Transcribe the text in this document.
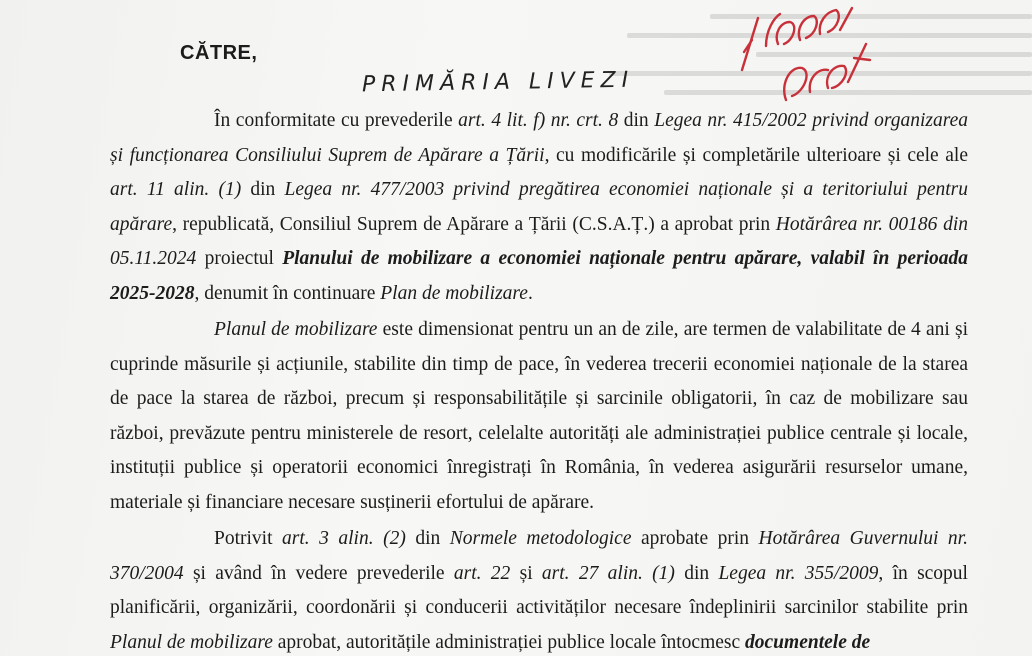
CĂTRE,
PRIMĂRIA LIVEZI

În conformitate cu prevederile art. 4 lit. f) nr. crt. 8 din Legea nr. 415/2002 privind organizarea și funcționarea Consiliului Suprem de Apărare a Țării, cu modificările și completările ulterioare și cele ale art. 11 alin. (1) din Legea nr. 477/2003 privind pregătirea economiei naționale și a teritoriului pentru apărare, republicată, Consiliul Suprem de Apărare a Țării (C.S.A.Ț.) a aprobat prin Hotărârea nr. 00186 din 05.11.2024 proiectul Planului de mobilizare a economiei naționale pentru apărare, valabil în perioada 2025-2028, denumit în continuare Plan de mobilizare.

Planul de mobilizare este dimensionat pentru un an de zile, are termen de valabilitate de 4 ani și cuprinde măsurile și acțiunile, stabilite din timp de pace, în vederea trecerii economiei naționale de la starea de pace la starea de război, precum și responsabilitățile și sarcinile obligatorii, în caz de mobilizare sau război, prevăzute pentru ministerele de resort, celelalte autorități ale administrației publice centrale și locale, instituții publice și operatorii economici înregistrați în România, în vederea asigurării resurselor umane, materiale și financiare necesare susținerii efortului de apărare.

Potrivit art. 3 alin. (2) din Normele metodologice aprobate prin Hotărârea Guvernului nr. 370/2004 și având în vedere prevederile art. 22 și art. 27 alin. (1) din Legea nr. 355/2009, în scopul planificării, organizării, coordonării și conducerii activităților necesare îndeplinirii sarcinilor stabilite prin Planul de mobilizare aprobat, autoritățile administrației publice locale întocmesc documentele de
